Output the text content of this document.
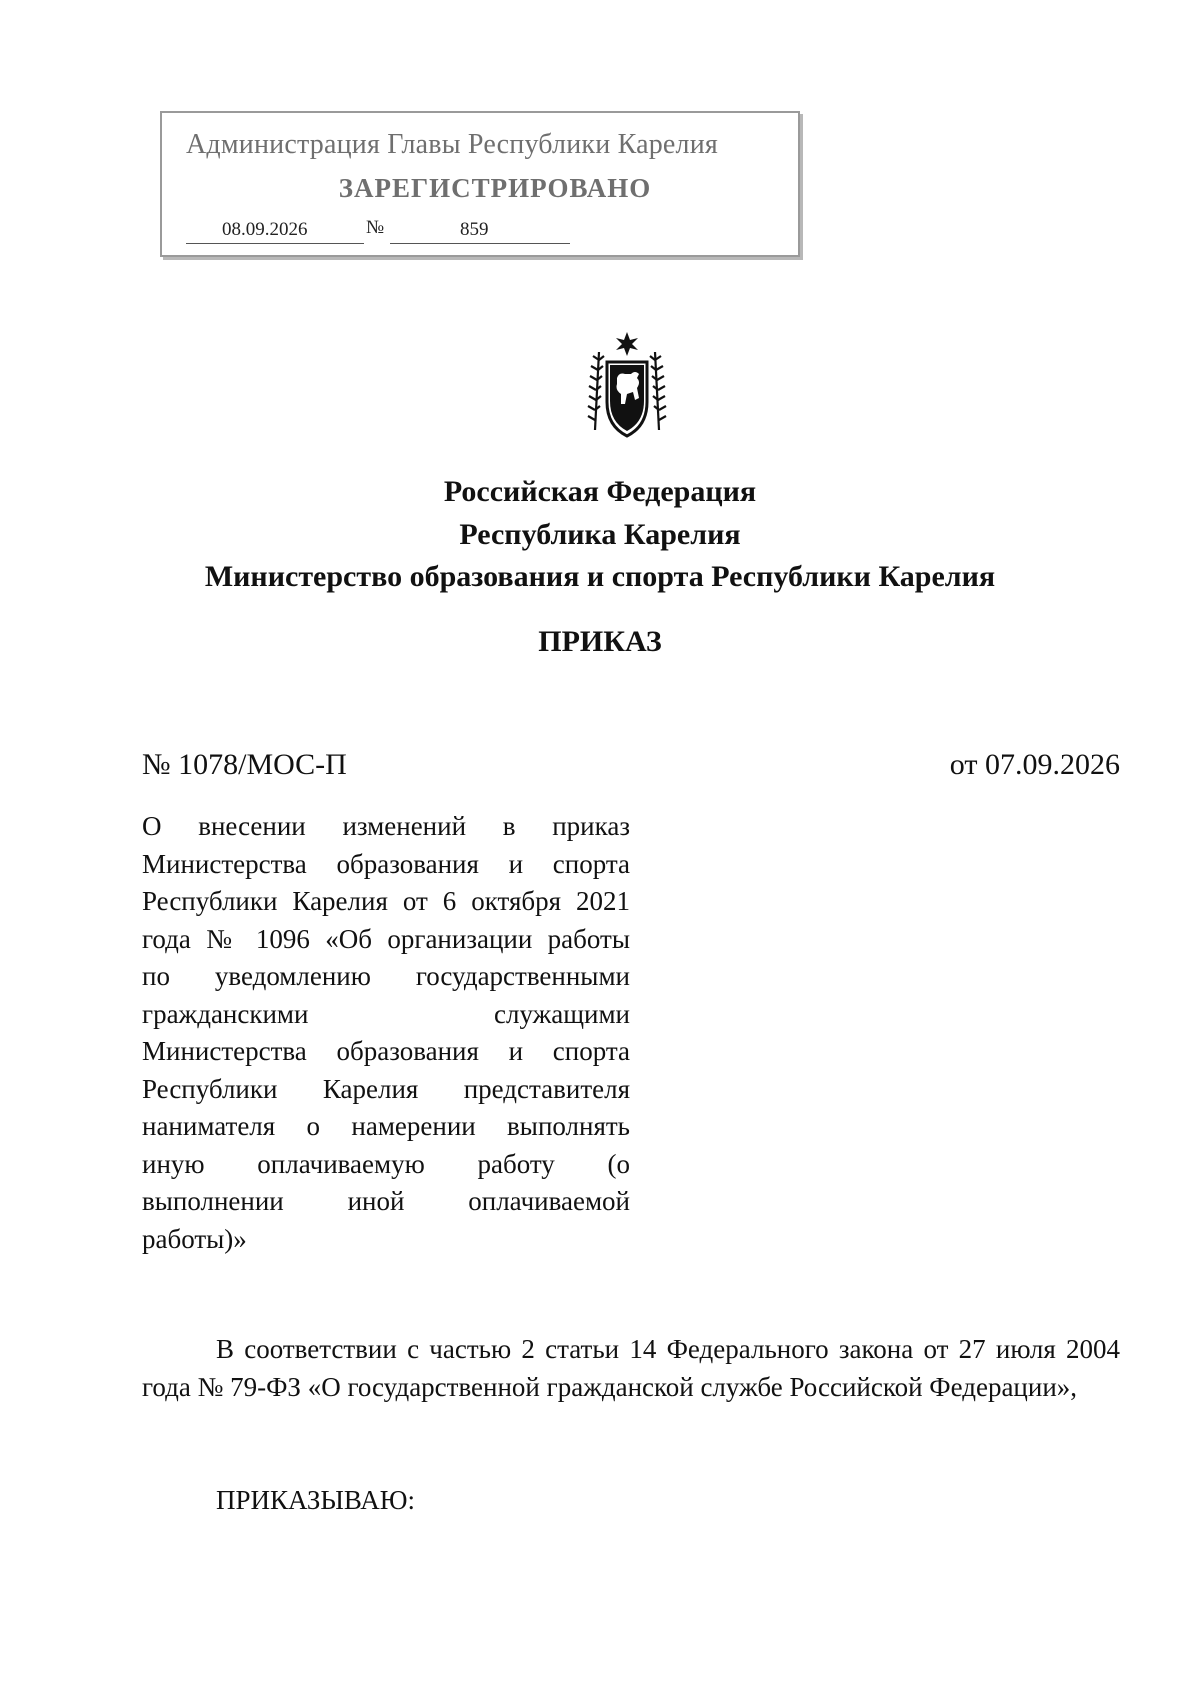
Администрация Главы Республики Карелия
ЗАРЕГИСТРИРОВАНО
08.09.2026	№	859
Российская Федерация
Республика Карелия
Министерство образования и спорта Республики Карелия
ПРИКАЗ
№ 1078/МОС-П	от 07.09.2026
О внесении изменений в приказ
Министерства образования и спорта
Республики Карелия от 6 октября 2021
года № 1096 «Об организации работы
по уведомлению государственными
гражданскими служащими
Министерства образования и спорта
Республики Карелия представителя
нанимателя о намерении выполнять
иную оплачиваемую работу (о
выполнении иной оплачиваемой
работы)»
В соответствии с частью 2 статьи 14 Федерального закона от 27 июля 2004 года № 79-ФЗ «О государственной гражданской службе Российской Федерации»,
ПРИКАЗЫВАЮ:
